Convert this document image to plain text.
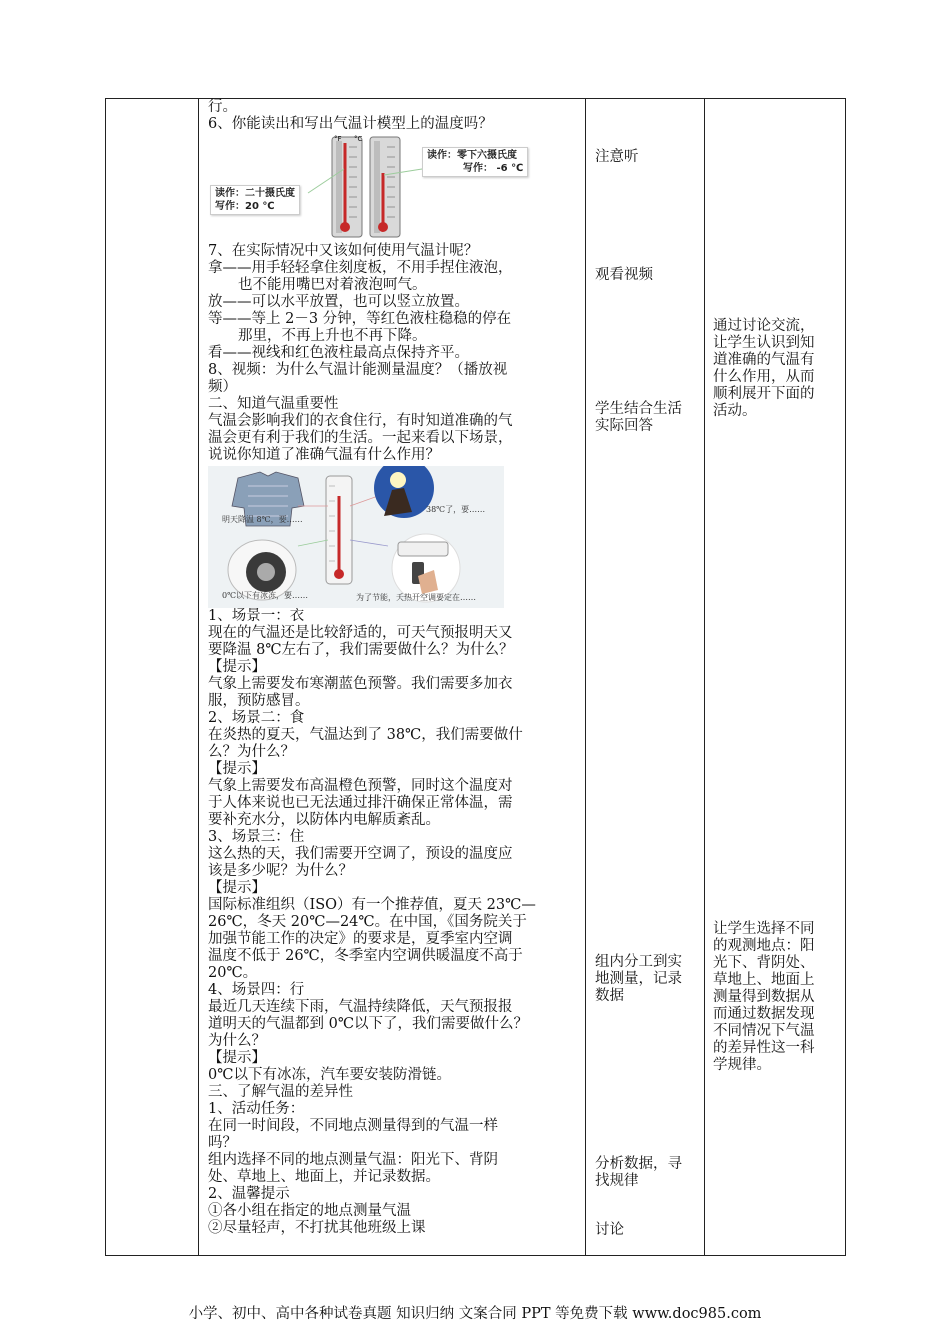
行。
6、你能读出和写出气温计模型上的温度吗？
°F °C
读作：二十摄氏度
写作：20 ℃
读作：零下六摄氏度
写作： -6 ℃
7、在实际情况中又该如何使用气温计呢？
拿——用手轻轻拿住刻度板，不用手捏住液泡，
也不能用嘴巴对着液泡呵气。
放——可以水平放置，也可以竖立放置。
等——等上 2－3 分钟，等红色液柱稳稳的停在
那里，不再上升也不再下降。
看——视线和红色液柱最高点保持齐平。
8、视频：为什么气温计能测量温度？（播放视
频）
二、知道气温重要性
气温会影响我们的衣食住行，有时知道准确的气
温会更有利于我们的生活。一起来看以下场景，
说说你知道了准确气温有什么作用？
明天降温 8℃，要……
38℃了，要……
0℃以下有冰冻，要……	为了节能，夭热开空调要定在……
1、场景一：衣
现在的气温还是比较舒适的，可天气预报明天又
要降温 8℃左右了，我们需要做什么？为什么？
【提示】
气象上需要发布寒潮蓝色预警。我们需要多加衣
服，预防感冒。
2、场景二：食
在炎热的夏天，气温达到了 38℃，我们需要做什
么？为什么？
【提示】
气象上需要发布高温橙色预警，同时这个温度对
于人体来说也已无法通过排汗确保正常体温，需
要补充水分，以防体内电解质紊乱。
3、场景三：住
这么热的天，我们需要开空调了，预设的温度应
该是多少呢？为什么？
【提示】
国际标准组织（ISO）有一个推荐值，夏天 23℃—
26℃，冬天 20℃—24℃。在中国，《国务院关于
加强节能工作的决定》的要求是，夏季室内空调
温度不低于 26℃，冬季室内空调供暖温度不高于
20℃。
4、场景四：行
最近几天连续下雨，气温持续降低，天气预报报
道明天的气温都到 0℃以下了，我们需要做什么？
为什么？
【提示】
0℃以下有冰冻，汽车要安装防滑链。
三、了解气温的差异性
1、活动任务：
在同一时间段，不同地点测量得到的气温一样
吗？
组内选择不同的地点测量气温：阳光下、背阴
处、草地上、地面上，并记录数据。
2、温馨提示
①各小组在指定的地点测量气温
②尽量轻声，不打扰其他班级上课
注意听
观看视频
学生结合生活
实际回答
组内分工到实
地测量，记录
数据
分析数据，寻
找规律
讨论
通过讨论交流，
让学生认识到知
道准确的气温有
什么作用，从而
顺利展开下面的
活动。
让学生选择不同
的观测地点：阳
光下、背阴处、
草地上、地面上
测量得到数据从
而通过数据发现
不同情况下气温
的差异性这一科
学规律。
小学、初中、高中各种试卷真题 知识归纳 文案合同 PPT 等免费下载 www.doc985.com
